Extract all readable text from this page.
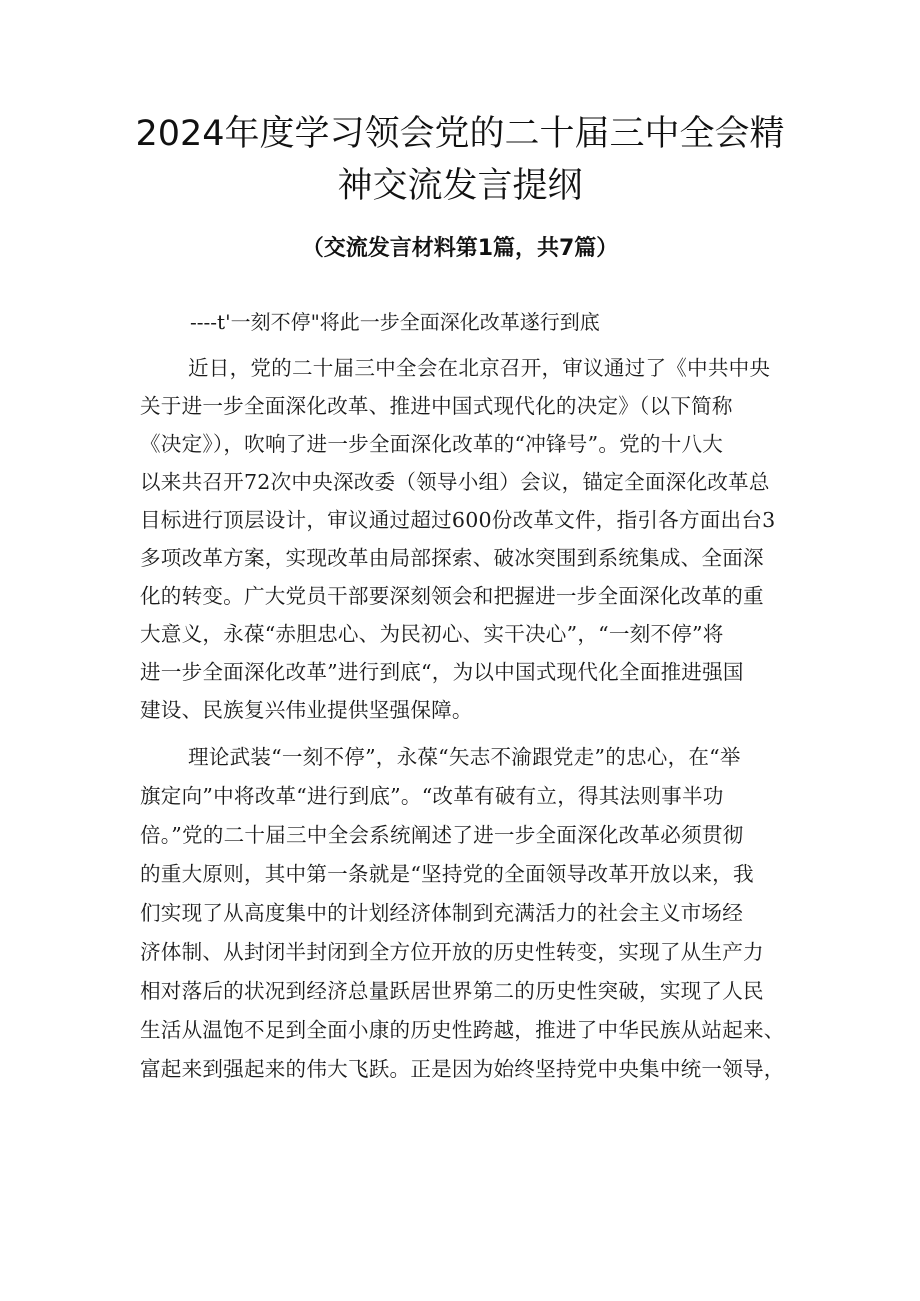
2024年度学习领会党的二十届三中全会精
神交流发言提纲
（交流发言材料第1篇，共7篇）
----t'一刻不停"将此一步全面深化改革遂行到底
近日，党的二十届三中全会在北京召开，审议通过了《中共中央
关于进一步全面深化改革、推进中国式现代化的决定》（以下简称
《决定》），吹响了进一步全面深化改革的“冲锋号”。党的十八大
以来共召开72次中央深改委（领导小组）会议，锚定全面深化改革总
目标进行顶层设计，审议通过超过600份改革文件，指引各方面出台3
多项改革方案，实现改革由局部探索、破冰突围到系统集成、全面深
化的转变。广大党员干部要深刻领会和把握进一步全面深化改革的重
大意义，永葆“赤胆忠心、为民初心、实干决心”，“一刻不停”将
进一步全面深化改革”进行到底“，为以中国式现代化全面推进强国
建设、民族复兴伟业提供坚强保障。
理论武装“一刻不停”，永葆“矢志不渝跟党走”的忠心，在“举
旗定向”中将改革“进行到底”。“改革有破有立，得其法则事半功
倍。”党的二十届三中全会系统阐述了进一步全面深化改革必须贯彻
的重大原则，其中第一条就是“坚持党的全面领导改革开放以来，我
们实现了从高度集中的计划经济体制到充满活力的社会主义市场经
济体制、从封闭半封闭到全方位开放的历史性转变，实现了从生产力
相对落后的状况到经济总量跃居世界第二的历史性突破，实现了人民
生活从温饱不足到全面小康的历史性跨越，推进了中华民族从站起来、
富起来到强起来的伟大飞跃。正是因为始终坚持党中央集中统一领导，
